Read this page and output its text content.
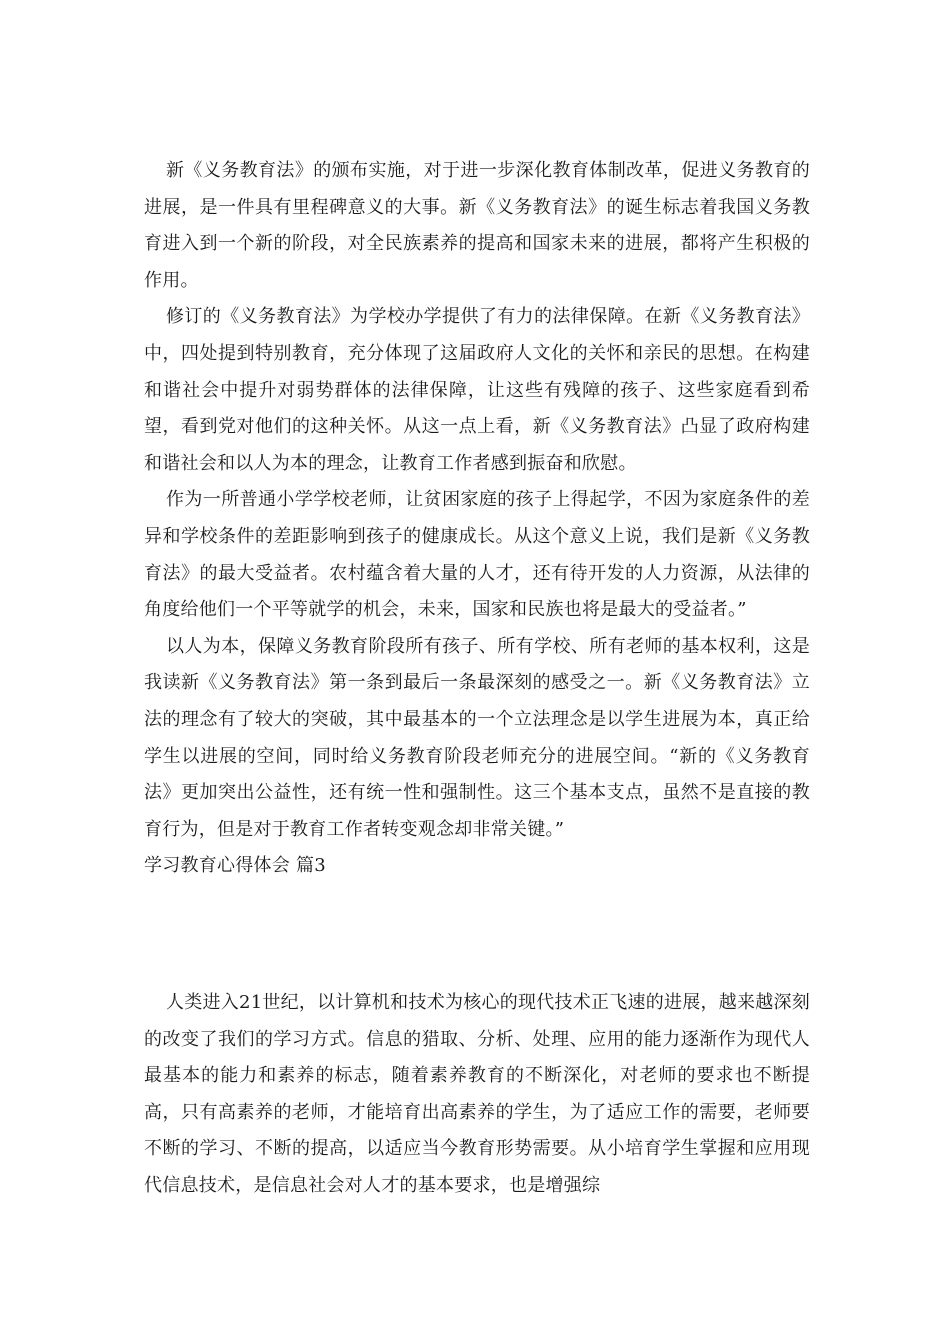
新《义务教育法》的颁布实施，对于进一步深化教育体制改革，促进义务教育的进展，是一件具有里程碑意义的大事。新《义务教育法》的诞生标志着我国义务教育进入到一个新的阶段，对全民族素养的提高和国家未来的进展，都将产生积极的作用。

修订的《义务教育法》为学校办学提供了有力的法律保障。在新《义务教育法》中，四处提到特别教育，充分体现了这届政府人文化的关怀和亲民的思想。在构建和谐社会中提升对弱势群体的法律保障，让这些有残障的孩子、这些家庭看到希望，看到党对他们的这种关怀。从这一点上看，新《义务教育法》凸显了政府构建和谐社会和以人为本的理念，让教育工作者感到振奋和欣慰。

作为一所普通小学学校老师，让贫困家庭的孩子上得起学，不因为家庭条件的差异和学校条件的差距影响到孩子的健康成长。从这个意义上说，我们是新《义务教育法》的最大受益者。农村蕴含着大量的人才，还有待开发的人力资源，从法律的角度给他们一个平等就学的机会，未来，国家和民族也将是最大的受益者。”

以人为本，保障义务教育阶段所有孩子、所有学校、所有老师的基本权利，这是我读新《义务教育法》第一条到最后一条最深刻的感受之一。新《义务教育法》立法的理念有了较大的突破，其中最基本的一个立法理念是以学生进展为本，真正给学生以进展的空间，同时给义务教育阶段老师充分的进展空间。“新的《义务教育法》更加突出公益性，还有统一性和强制性。这三个基本支点，虽然不是直接的教育行为，但是对于教育工作者转变观念却非常关键。”

学习教育心得体会 篇3

人类进入21世纪，以计算机和技术为核心的现代技术正飞速的进展，越来越深刻的改变了我们的学习方式。信息的猎取、分析、处理、应用的能力逐渐作为现代人最基本的能力和素养的标志，随着素养教育的不断深化，对老师的要求也不断提高，只有高素养的老师，才能培育出高素养的学生，为了适应工作的需要，老师要不断的学习、不断的提高，以适应当今教育形势需要。从小培育学生掌握和应用现代信息技术，是信息社会对人才的基本要求，也是增强综
